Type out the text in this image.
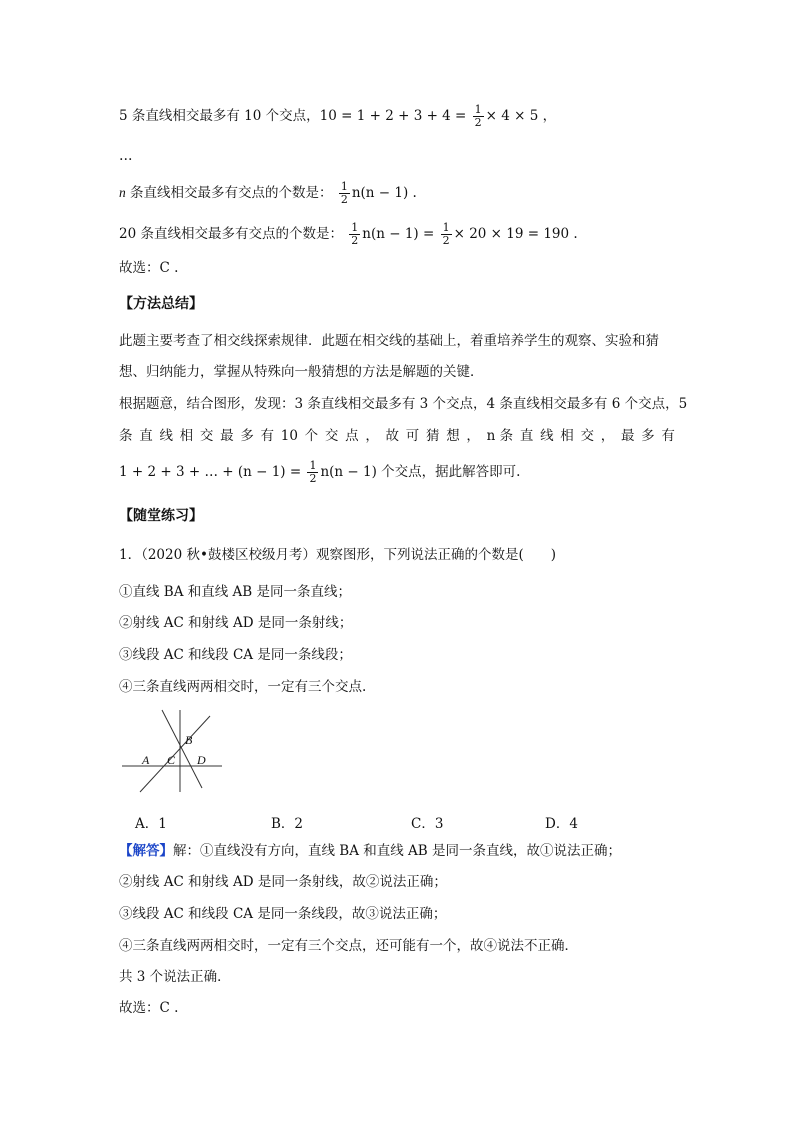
5 条直线相交最多有 10 个交点，$10 = 1 + 2 + 3 + 4 = \frac{1}{2} \times 4 \times 5$ ，
…
n 条直线相交最多有交点的个数是： $\frac{1}{2} n(n - 1)$ .
20 条直线相交最多有交点的个数是： $\frac{1}{2} n(n - 1) = \frac{1}{2} \times 20 \times 19 = 190$ .
故选：C .
【方法总结】
此题主要考查了相交线探索规律．此题在相交线的基础上，着重培养学生的观察、实验和猜
想、归纳能力，掌握从特殊向一般猜想的方法是解题的关键．
根据题意，结合图形，发现：3 条直线相交最多有 3 个交点，4 条直线相交最多有 6 个交点，5
条 直 线 相 交 最 多 有 10 个 交 点 ， 故 可 猜 想 ， n 条 直 线 相 交 ， 最 多 有
1 + 2 + 3 + … + $(n - 1) = \frac{1}{2} n(n - 1)$ 个交点，据此解答即可.
【随堂练习】
1．（2020 秋•鼓楼区校级月考）观察图形，下列说法正确的个数是(　　)
①直线 BA 和直线 AB 是同一条直线；
②射线 AC 和射线 AD 是同一条射线；
③线段 AC 和线段 CA 是同一条线段；
④三条直线两两相交时，一定有三个交点.
A C
B
D
A．1	B．2	C．3	D．4
【解答】解：①直线没有方向，直线 BA 和直线 AB 是同一条直线，故①说法正确；
②射线 AC 和射线 AD 是同一条射线，故②说法正确；
③线段 AC 和线段 CA 是同一条线段，故③说法正确；
④三条直线两两相交时，一定有三个交点，还可能有一个，故④说法不正确．
共 3 个说法正确．
故选：C .
